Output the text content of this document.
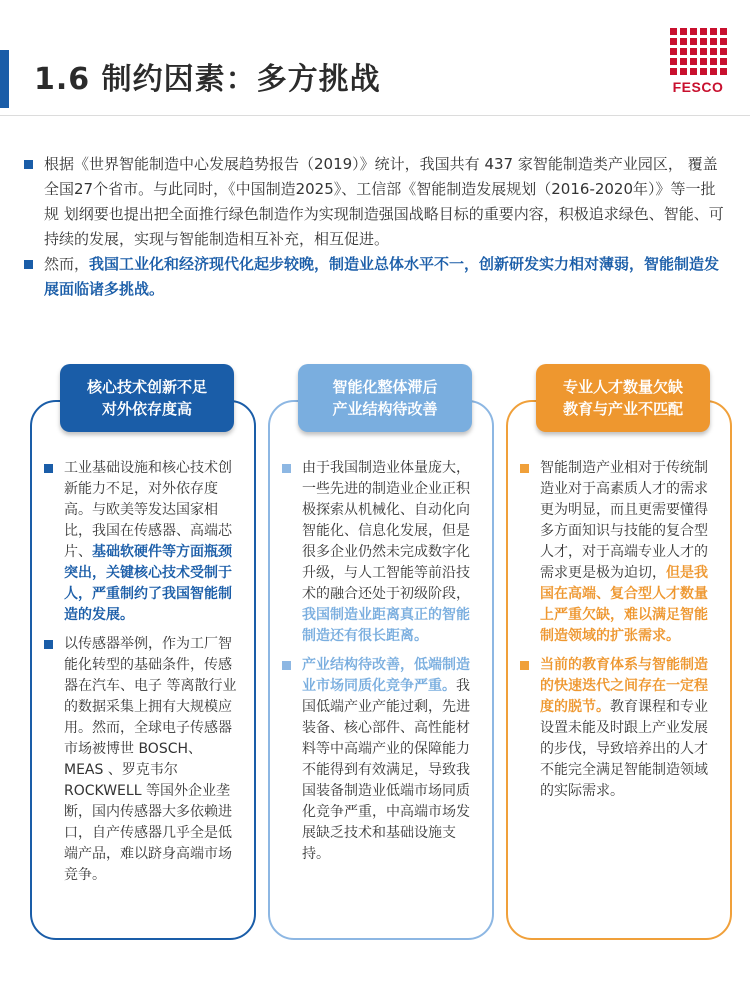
1.6 制约因素：多方挑战	FESCO

根据《世界智能制造中心发展趋势报告（2019）》统计，我国共有 437 家智能制造类产业园区， 覆盖全国27个省市。与此同时，《中国制造2025》、工信部《智能制造发展规划（2016-2020年）》等一批规 划纲要也提出把全面推行绿色制造作为实现制造强国战略目标的重要内容，积极追求绿色、智能、可持续的发展，实现与智能制造相互补充，相互促进。

然而，我国工业化和经济现代化起步较晚，制造业总体水平不一，创新研发实力相对薄弱，智能制造发展面临诸多挑战。

核心技术创新不足
对外依存度高

工业基础设施和核心技术创新能力不足，对外依存度高。与欧美等发达国家相比，我国在传感器、高端芯片、基础软硬件等方面瓶颈突出，关键核心技术受制于人，严重制约了我国智能制造的发展。

以传感器举例，作为工厂智能化转型的基础条件，传感器在汽车、电子 等离散行业的数据采集上拥有大规模应用。然而，全球电子传感器市场被博世 BOSCH、MEAS 、罗克韦尔 ROCKWELL 等国外企业垄断，国内传感器大多依赖进口，自产传感器几乎全是低端产品，难以跻身高端市场竞争。

智能化整体滞后
产业结构待改善

由于我国制造业体量庞大，一些先进的制造业企业正积极探索从机械化、自动化向智能化、信息化发展，但是很多企业仍然未完成数字化升级，与人工智能等前沿技术的融合还处于初级阶段，我国制造业距离真正的智能制造还有很长距离。

产业结构待改善，低端制造业市场同质化竞争严重。我国低端产业产能过剩，先进装备、核心部件、高性能材料等中高端产业的保障能力不能得到有效满足，导致我国装备制造业低端市场同质化竞争严重，中高端市场发展缺乏技术和基础设施支持。

专业人才数量欠缺
教育与产业不匹配

智能制造产业相对于传统制造业对于高素质人才的需求更为明显，而且更需要懂得多方面知识与技能的复合型人才，对于高端专业人才的需求更是极为迫切，但是我国在高端、复合型人才数量上严重欠缺，难以满足智能制造领域的扩张需求。

当前的教育体系与智能制造的快速迭代之间存在一定程度的脱节。教育课程和专业设置未能及时跟上产业发展的步伐，导致培养出的人才不能完全满足智能制造领域的实际需求。
